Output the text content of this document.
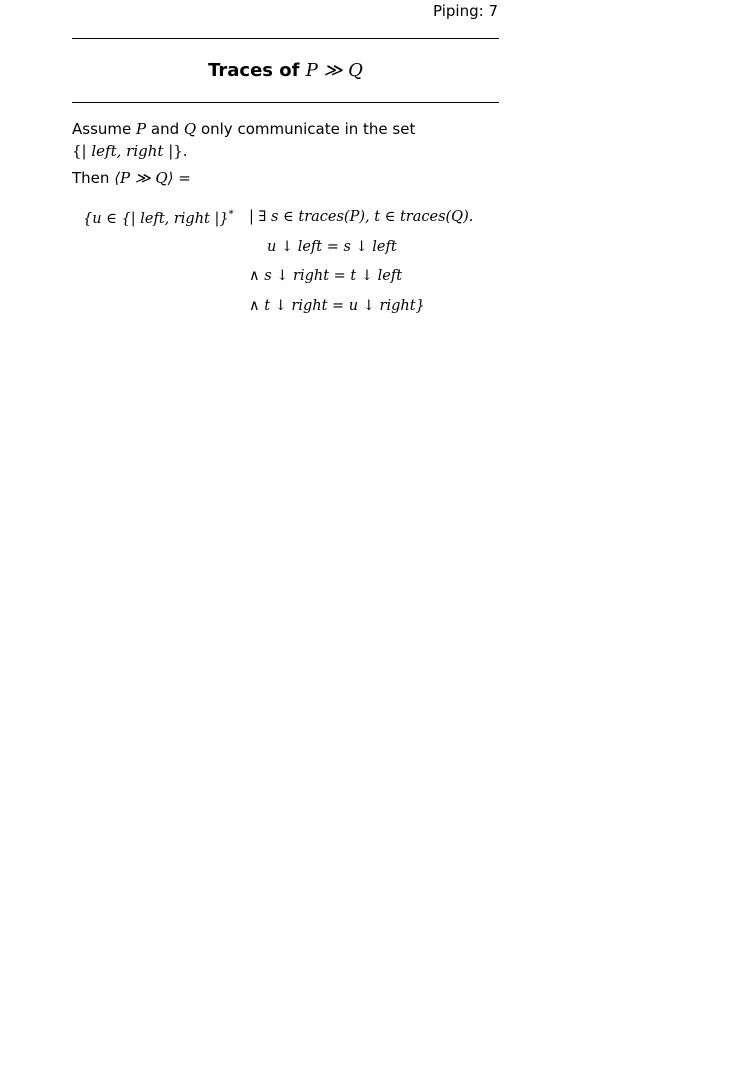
Piping: 7
Traces of P ≫ Q
Assume P and Q only communicate in the set
{| left, right |}.
Then ⟨P ≫ Q⟩ =
{u ∈ {| left, right |}* | ∃ s ∈ traces(P), t ∈ traces(Q).
u ↓ left = s ↓ left
∧ s ↓ right = t ↓ left
∧ t ↓ right = u ↓ right}
